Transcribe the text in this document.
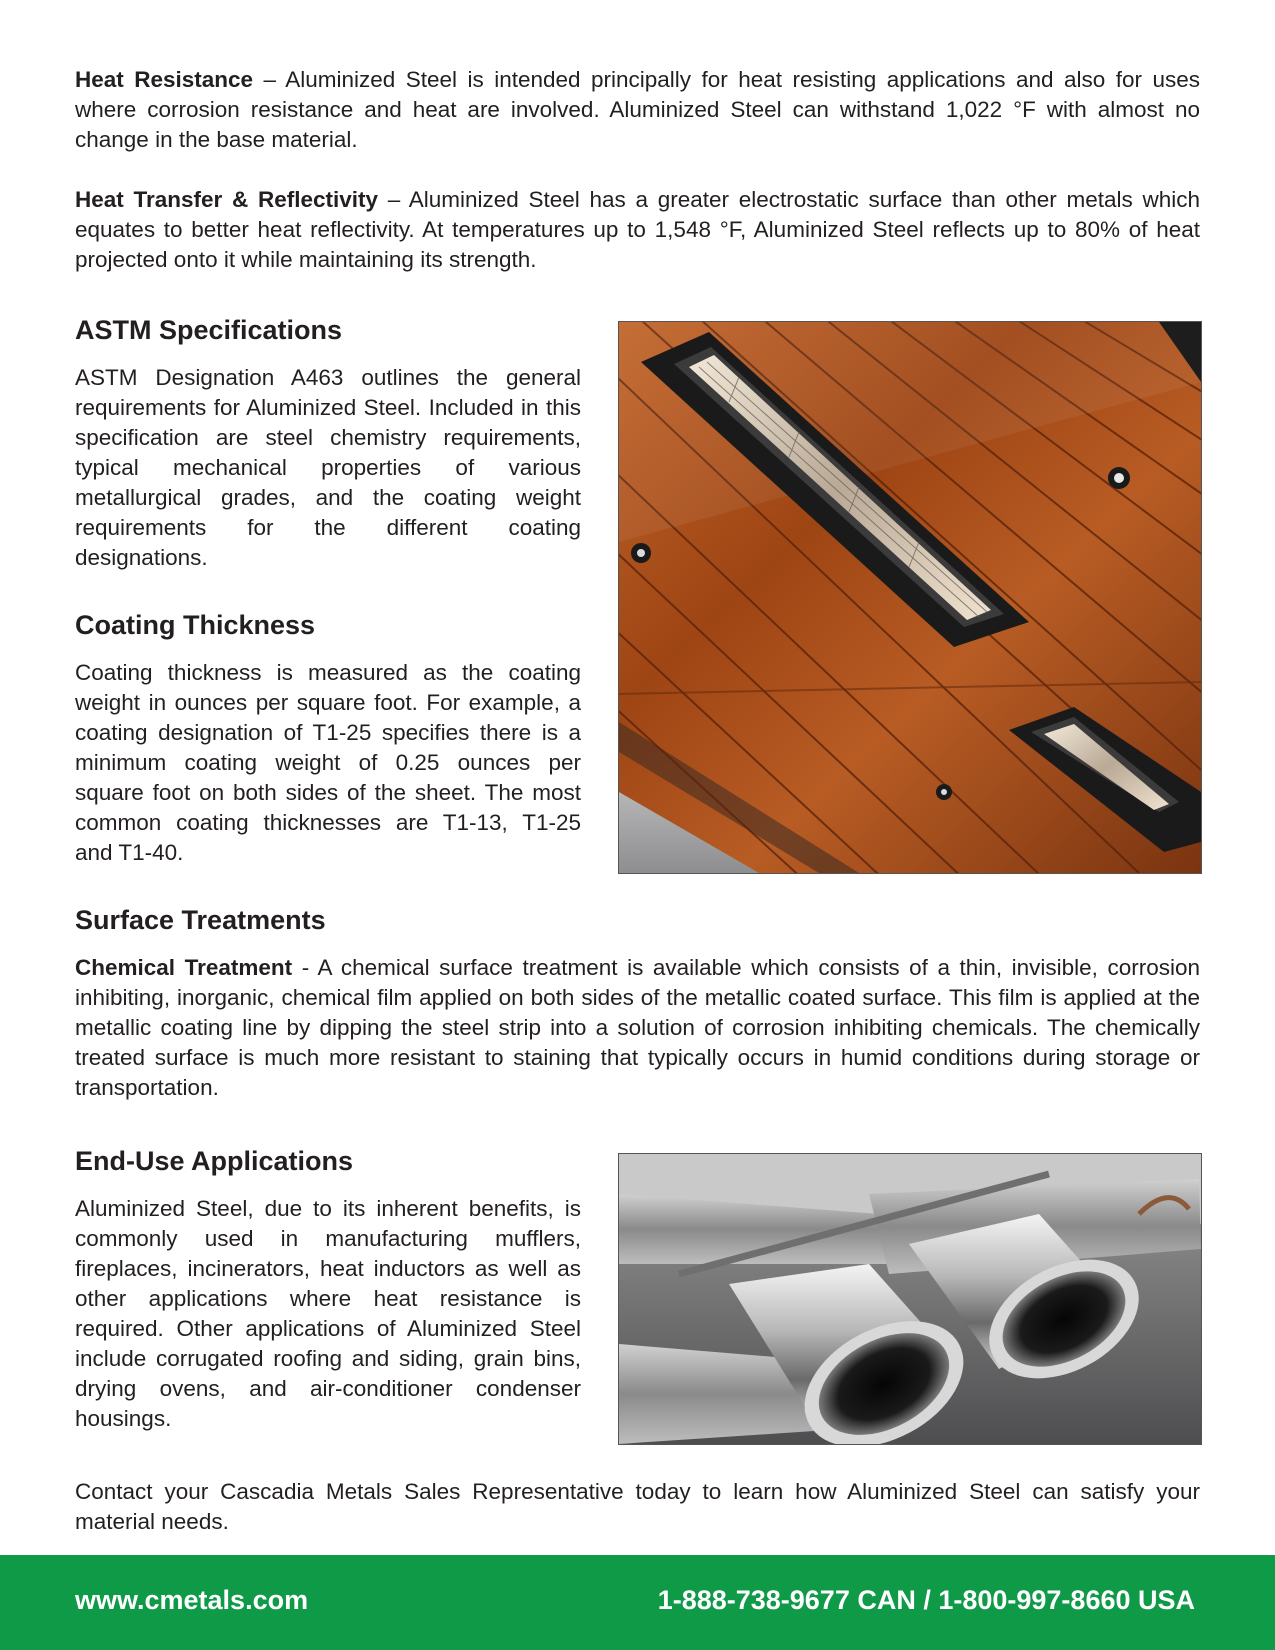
Heat Resistance – Aluminized Steel is intended principally for heat resisting applications and also for uses where corrosion resistance and heat are involved. Aluminized Steel can withstand 1,022 °F with almost no change in the base material.

Heat Transfer & Reflectivity – Aluminized Steel has a greater electrostatic surface than other metals which equates to better heat reflectivity. At temperatures up to 1,548 °F, Aluminized Steel reflects up to 80% of heat projected onto it while maintaining its strength.

ASTM Specifications

ASTM Designation A463 outlines the general requirements for Aluminized Steel. Included in this specification are steel chemistry requirements, typical mechanical properties of various metallurgical grades, and the coating weight requirements for the different coating designations.

Coating Thickness

Coating thickness is measured as the coating weight in ounces per square foot. For example, a coating designation of T1-25 specifies there is a minimum coating weight of 0.25 ounces per square foot on both sides of the sheet. The most common coating thicknesses are T1-13, T1-25 and T1-40.

Surface Treatments

Chemical Treatment - A chemical surface treatment is available which consists of a thin, invisible, corrosion inhibiting, inorganic, chemical film applied on both sides of the metallic coated surface. This film is applied at the metallic coating line by dipping the steel strip into a solution of corrosion inhibiting chemicals. The chemically treated surface is much more resistant to staining that typically occurs in humid conditions during storage or transportation.

End-Use Applications

Aluminized Steel, due to its inherent benefits, is commonly used in manufacturing mufflers, fireplaces, incinerators, heat inductors as well as other applications where heat resistance is required. Other applications of Aluminized Steel include corrugated roofing and siding, grain bins, drying ovens, and air-conditioner condenser housings.

Contact your Cascadia Metals Sales Representative today to learn how Aluminized Steel can satisfy your material needs.

www.cmetals.com	1-888-738-9677 CAN / 1-800-997-8660 USA
